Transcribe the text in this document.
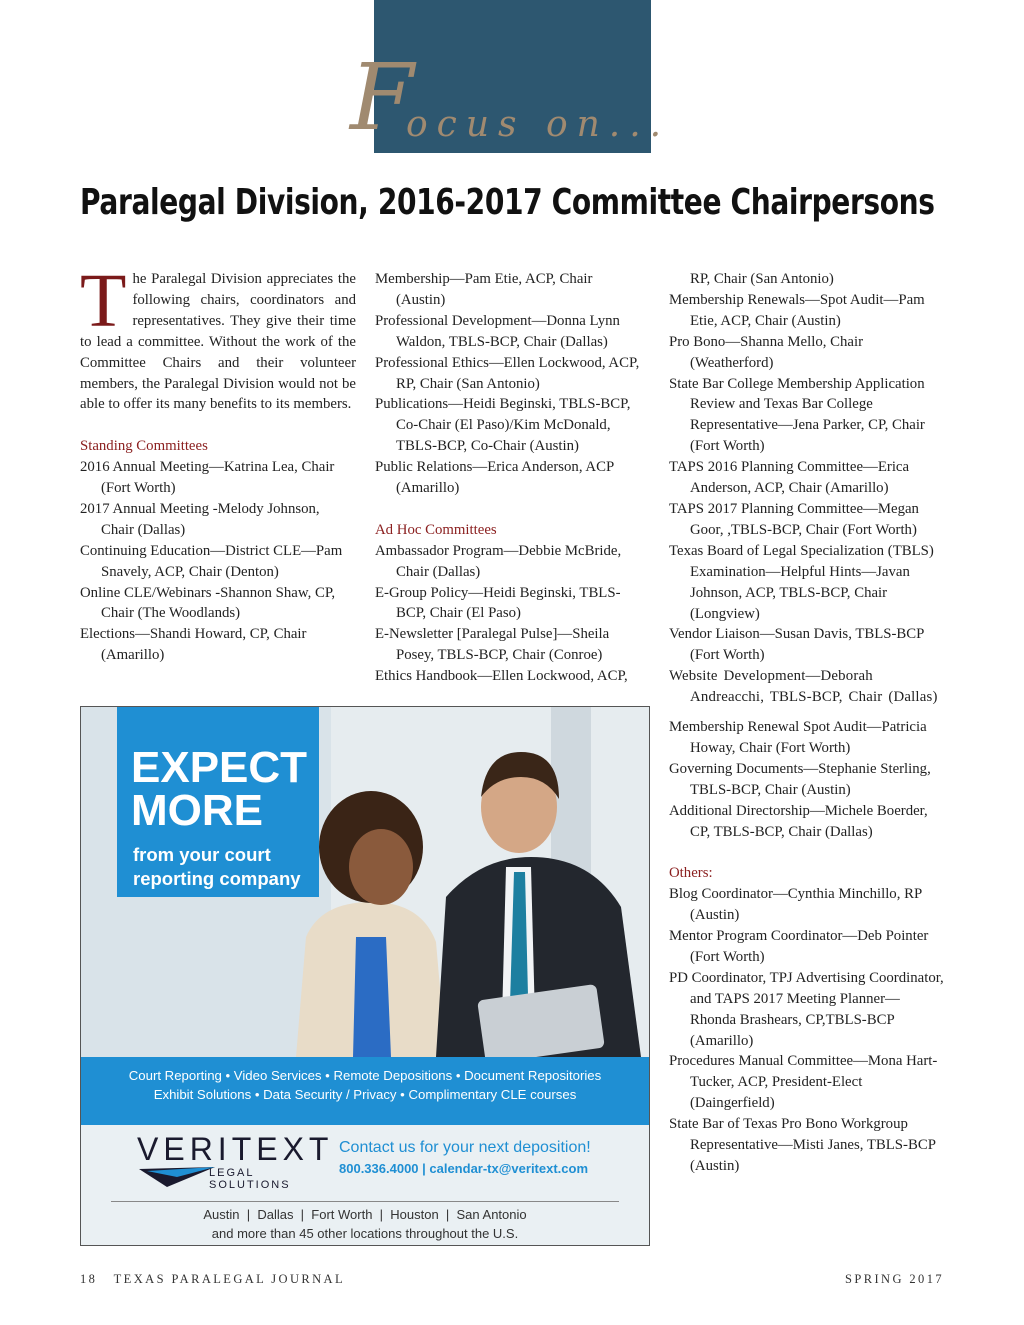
F
ocus on...
Paralegal Division, 2016-2017 Committee Chairpersons

The Paralegal Division appreciates the following chairs, coordinators and representatives. They give their time to lead a committee. Without the work of the Committee Chairs and their volunteer members, the Paralegal Division would not be able to offer its many benefits to its members.

Standing Committees

2016 Annual Meeting—Katrina Lea, Chair (Fort Worth)

2017 Annual Meeting -Melody Johnson, Chair (Dallas)

Continuing Education—District CLE—Pam Snavely, ACP, Chair (Denton)

Online CLE/Webinars -Shannon Shaw, CP, Chair (The Woodlands)

Elections—Shandi Howard, CP, Chair (Amarillo)

Membership—Pam Etie, ACP, Chair (Austin)

Professional Development—Donna Lynn Waldon, TBLS-BCP, Chair (Dallas)

Professional Ethics—Ellen Lockwood, ACP, RP, Chair (San Antonio)

Publications—Heidi Beginski, TBLS-BCP, Co-Chair (El Paso)/Kim McDonald, TBLS-BCP, Co-Chair (Austin)

Public Relations—Erica Anderson, ACP (Amarillo)

Ad Hoc Committees

Ambassador Program—Debbie McBride, Chair (Dallas)

E-Group Policy—Heidi Beginski, TBLS-BCP, Chair (El Paso)

E-Newsletter [Paralegal Pulse]—Sheila Posey, TBLS-BCP, Chair (Conroe)

Ethics Handbook—Ellen Lockwood, ACP,

RP, Chair (San Antonio)

Membership Renewals—Spot Audit—Pam Etie, ACP, Chair (Austin)

Pro Bono—Shanna Mello, Chair (Weatherford)

State Bar College Membership Application Review and Texas Bar College Representative—Jena Parker, CP, Chair (Fort Worth)

TAPS 2016 Planning Committee—Erica Anderson, ACP, Chair (Amarillo)

TAPS 2017 Planning Committee—Megan Goor, ,TBLS-BCP, Chair (Fort Worth)

Texas Board of Legal Specialization (TBLS) Examination—Helpful Hints—Javan Johnson, ACP, TBLS-BCP, Chair (Longview)

Vendor Liaison—Susan Davis, TBLS-BCP (Fort Worth)

Website Development—Deborah Andreacchi, TBLS-BCP, Chair (Dallas)

Membership Renewal Spot Audit—Patricia Howay, Chair (Fort Worth)

Governing Documents—Stephanie Sterling, TBLS-BCP, Chair (Austin)

Additional Directorship—Michele Boerder, CP, TBLS-BCP, Chair (Dallas)

Others:

Blog Coordinator—Cynthia Minchillo, RP (Austin)

Mentor Program Coordinator—Deb Pointer (Fort Worth)

PD Coordinator, TPJ Advertising Coordinator, and TAPS 2017 Meeting Planner—Rhonda Brashears, CP,TBLS-BCP (Amarillo)

Procedures Manual Committee—Mona Hart-Tucker, ACP, President-Elect (Daingerfield)

State Bar of Texas Pro Bono Workgroup Representative—Misti Janes, TBLS-BCP (Austin)

EXPECT
MORE
from your court reporting company
Court Reporting • Video Services • Remote Depositions • Document Repositories
Exhibit Solutions • Data Security / Privacy • Complimentary CLE courses
VERITEXT
LEGAL SOLUTIONS
Contact us for your next deposition!
800.336.4000 | calendar-tx@veritext.com
Austin  |  Dallas  |  Fort Worth  |  Houston  |  San Antonio
and more than 45 other locations throughout the U.S.
18   TEXAS PARALEGAL JOURNAL	SPRING 2017
